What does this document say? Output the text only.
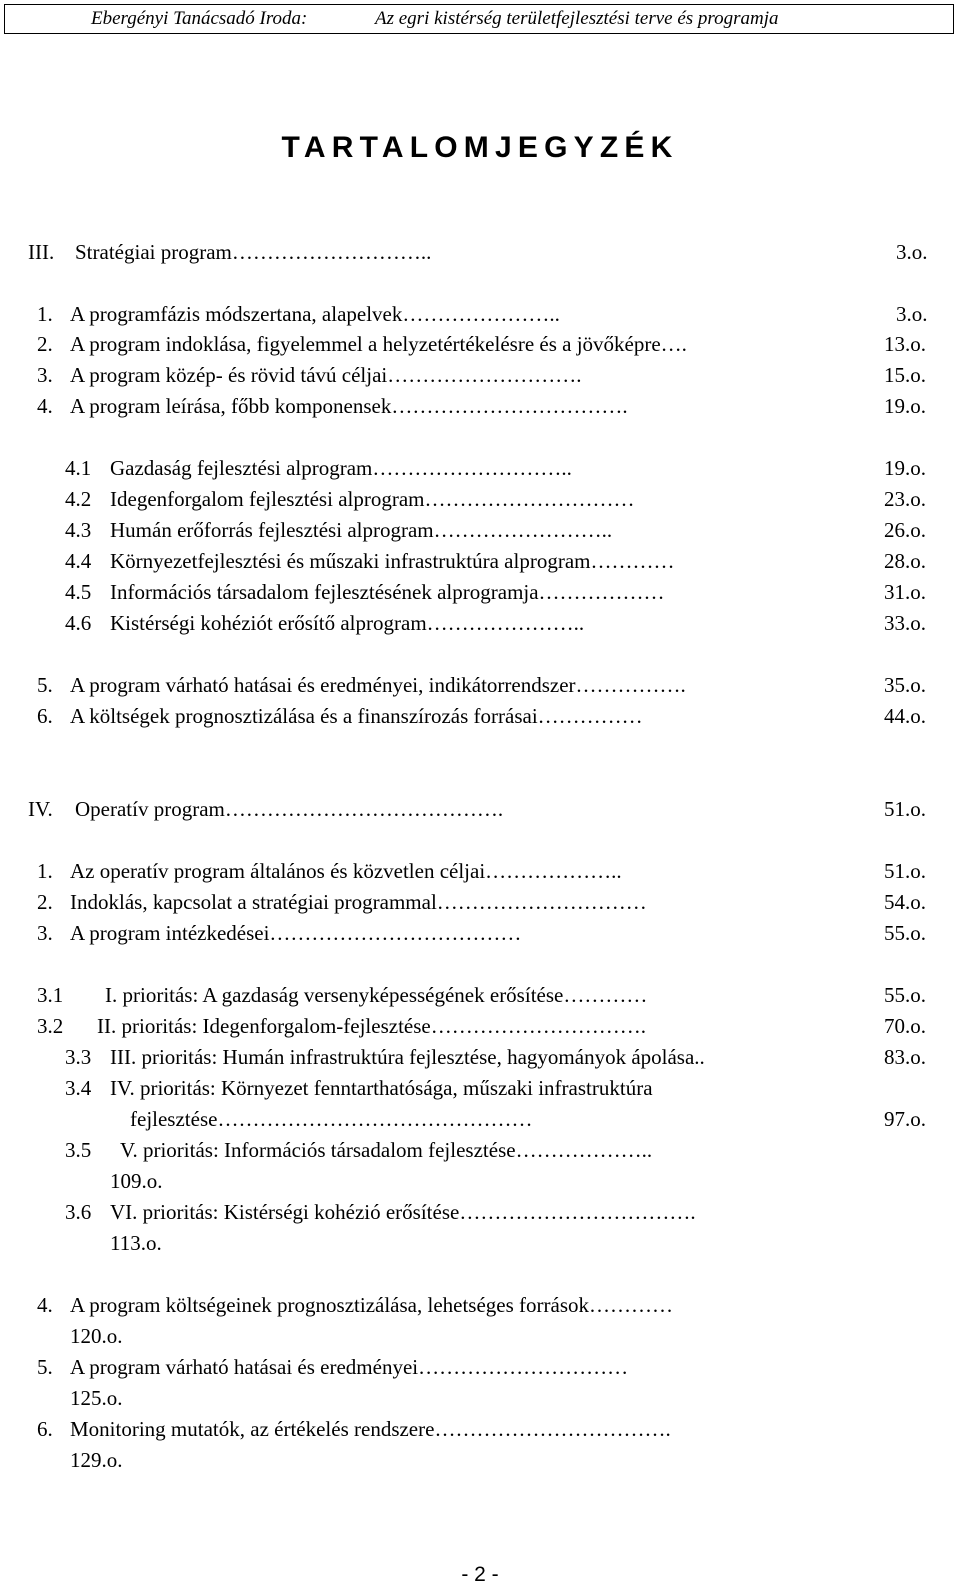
Ebergényi Tanácsadó Iroda:	Az egri kistérség területfejlesztési terve és programja
TARTALOMJEGYZÉK
III. Stratégiai program………………………..	3.o.
1. A programfázis módszertana, alapelvek…………………..	3.o.
2. A program indoklása, figyelemmel a helyzetértékelésre és a jövőképre….	13.o.
3. A program közép- és rövid távú céljai……………………….	15.o.
4. A program leírása, főbb komponensek…………………………….	19.o.
4.1 Gazdaság fejlesztési alprogram………………………..	19.o.
4.2 Idegenforgalom fejlesztési alprogram…………………………	23.o.
4.3 Humán erőforrás fejlesztési alprogram……………………..	26.o.
4.4 Környezetfejlesztési és műszaki infrastruktúra alprogram…………	28.o.
4.5 Információs társadalom fejlesztésének alprogramja………………	31.o.
4.6 Kistérségi kohéziót erősítő alprogram…………………..	33.o.
5. A program várható hatásai és eredményei, indikátorrendszer…………….	35.o.
6. A költségek prognosztizálása és a finanszírozás forrásai……………	44.o.
IV. Operatív program………………………………….	51.o.
1. Az operatív program általános és közvetlen céljai………………..	51.o.
2. Indoklás, kapcsolat a stratégiai programmal…………………………	54.o.
3. A program intézkedései………………………………	55.o.
3.1 I. prioritás: A gazdaság versenyképességének erősítése…………	55.o.
3.2 II. prioritás: Idegenforgalom-fejlesztése………………………….	70.o.
3.3 III. prioritás: Humán infrastruktúra fejlesztése, hagyományok ápolása..	83.o.
3.4 IV. prioritás: Környezet fenntarthatósága, műszaki infrastruktúra
fejlesztése………………………………………	97.o.
3.5 V. prioritás: Információs társadalom fejlesztése………………..
109.o.
3.6 VI. prioritás: Kistérségi kohézió erősítése…………………………….
113.o.
4. A program költségeinek prognosztizálása, lehetséges források…………
120.o.
5. A program várható hatásai és eredményei…………………………
125.o.
6. Monitoring mutatók, az értékelés rendszere…………………………….
129.o.
- 2 -
